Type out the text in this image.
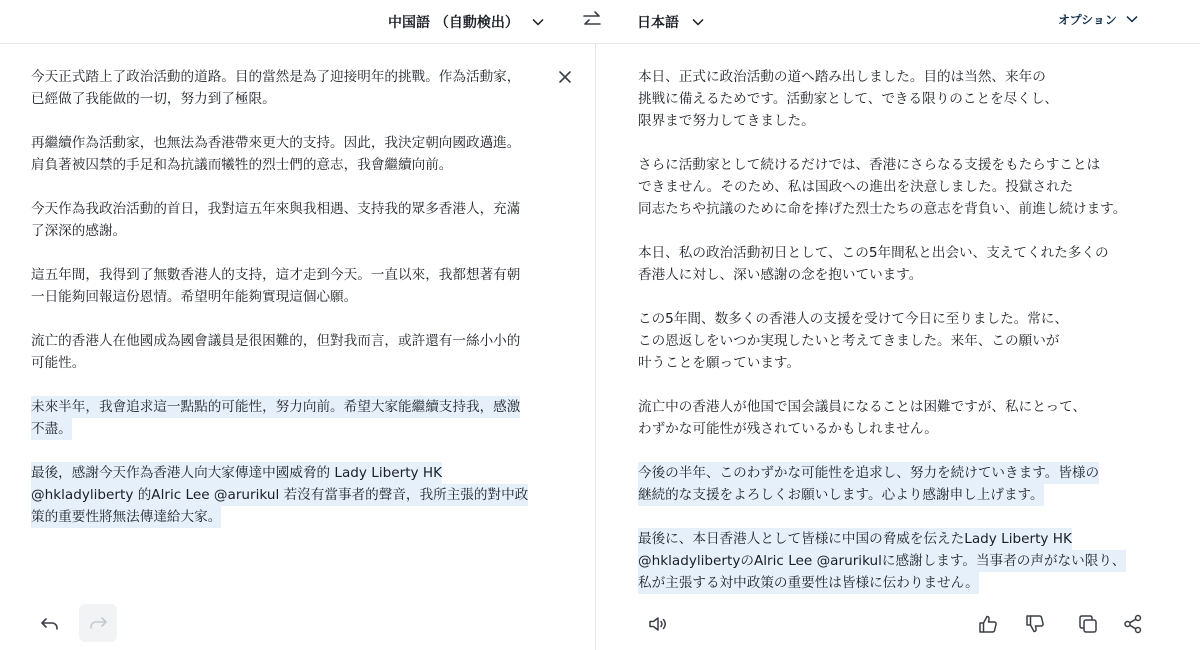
中国語 （自動検出）	日本語	オプション
今天正式踏上了政治活動的道路。目的當然是為了迎接明年的挑戰。作為活動家，
已經做了我能做的一切，努力到了極限。
再繼續作為活動家，也無法為香港帶來更大的支持。因此，我決定朝向國政邁進。
肩負著被囚禁的手足和為抗議而犧牲的烈士們的意志，我會繼續向前。
今天作為我政治活動的首日，我對這五年來與我相遇、支持我的眾多香港人，充滿
了深深的感謝。
這五年間，我得到了無數香港人的支持，這才走到今天。一直以來，我都想著有朝
一日能夠回報這份恩情。希望明年能夠實現這個心願。
流亡的香港人在他國成為國會議員是很困難的，但對我而言，或許還有一絲小小的
可能性。
未來半年，我會追求這一點點的可能性，努力向前。希望大家能繼續支持我，感激
不盡。
最後，感謝今天作為香港人向大家傳達中國威脅的 Lady Liberty HK
@hkladyliberty 的Alric Lee @arurikul 若沒有當事者的聲音，我所主張的對中政
策的重要性將無法傳達給大家。
本日、正式に政治活動の道へ踏み出しました。目的は当然、来年の
挑戦に備えるためです。活動家として、できる限りのことを尽くし、
限界まで努力してきました。
さらに活動家として続けるだけでは、香港にさらなる支援をもたらすことは
できません。そのため、私は国政への進出を決意しました。投獄された
同志たちや抗議のために命を捧げた烈士たちの意志を背負い、前進し続けます。
本日、私の政治活動初日として、この5年間私と出会い、支えてくれた多くの
香港人に対し、深い感謝の念を抱いています。
この5年間、数多くの香港人の支援を受けて今日に至りました。常に、
この恩返しをいつか実現したいと考えてきました。来年、この願いが
叶うことを願っています。
流亡中の香港人が他国で国会議員になることは困難ですが、私にとって、
わずかな可能性が残されているかもしれません。
今後の半年、このわずかな可能性を追求し、努力を続けていきます。皆様の
継続的な支援をよろしくお願いします。心より感謝申し上げます。
最後に、本日香港人として皆様に中国の脅威を伝えたLady Liberty HK
@hkladylibertyのAlric Lee @arurikulに感謝します。当事者の声がない限り、
私が主張する対中政策の重要性は皆様に伝わりません。
